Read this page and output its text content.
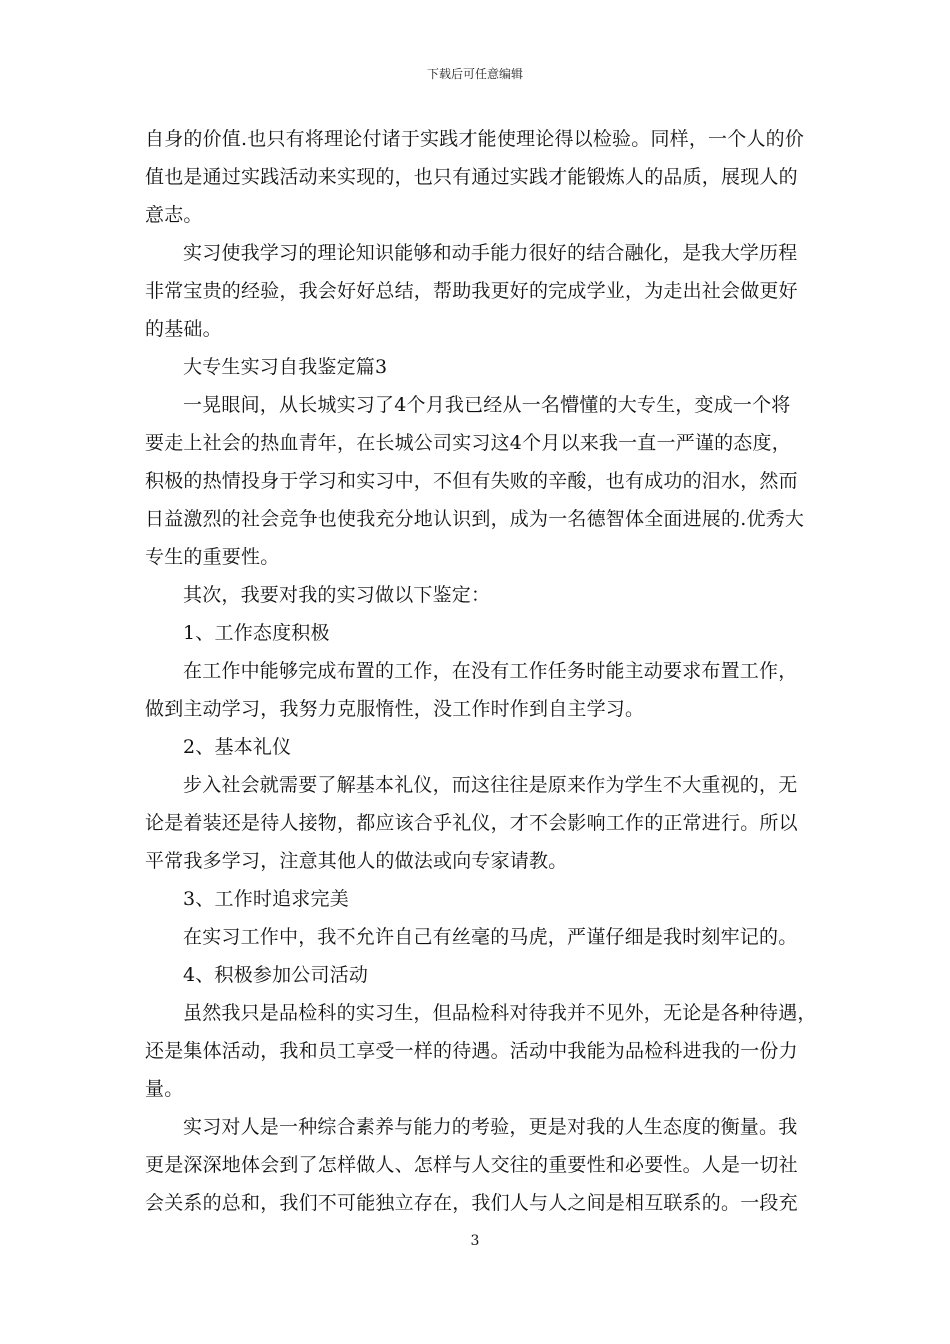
下载后可任意编辑
自身的价值.也只有将理论付诸于实践才能使理论得以检验。同样，一个人的价
值也是通过实践活动来实现的，也只有通过实践才能锻炼人的品质，展现人的
意志。
实习使我学习的理论知识能够和动手能力很好的结合融化，是我大学历程
非常宝贵的经验，我会好好总结，帮助我更好的完成学业，为走出社会做更好
的基础。
大专生实习自我鉴定篇3
一晃眼间，从长城实习了4个月我已经从一名懵懂的大专生，变成一个将
要走上社会的热血青年，在长城公司实习这4个月以来我一直一严谨的态度，
积极的热情投身于学习和实习中，不但有失败的辛酸，也有成功的泪水，然而
日益激烈的社会竞争也使我充分地认识到，成为一名德智体全面进展的.优秀大
专生的重要性。
其次，我要对我的实习做以下鉴定：
1、工作态度积极
在工作中能够完成布置的工作，在没有工作任务时能主动要求布置工作，
做到主动学习，我努力克服惰性，没工作时作到自主学习。
2、基本礼仪
步入社会就需要了解基本礼仪，而这往往是原来作为学生不大重视的，无
论是着装还是待人接物，都应该合乎礼仪，才不会影响工作的正常进行。所以
平常我多学习，注意其他人的做法或向专家请教。
3、工作时追求完美
在实习工作中，我不允许自己有丝毫的马虎，严谨仔细是我时刻牢记的。
4、积极参加公司活动
虽然我只是品检科的实习生，但品检科对待我并不见外，无论是各种待遇，
还是集体活动，我和员工享受一样的待遇。活动中我能为品检科进我的一份力
量。
实习对人是一种综合素养与能力的考验，更是对我的人生态度的衡量。我
更是深深地体会到了怎样做人、怎样与人交往的重要性和必要性。人是一切社
会关系的总和，我们不可能独立存在，我们人与人之间是相互联系的。一段充
3
